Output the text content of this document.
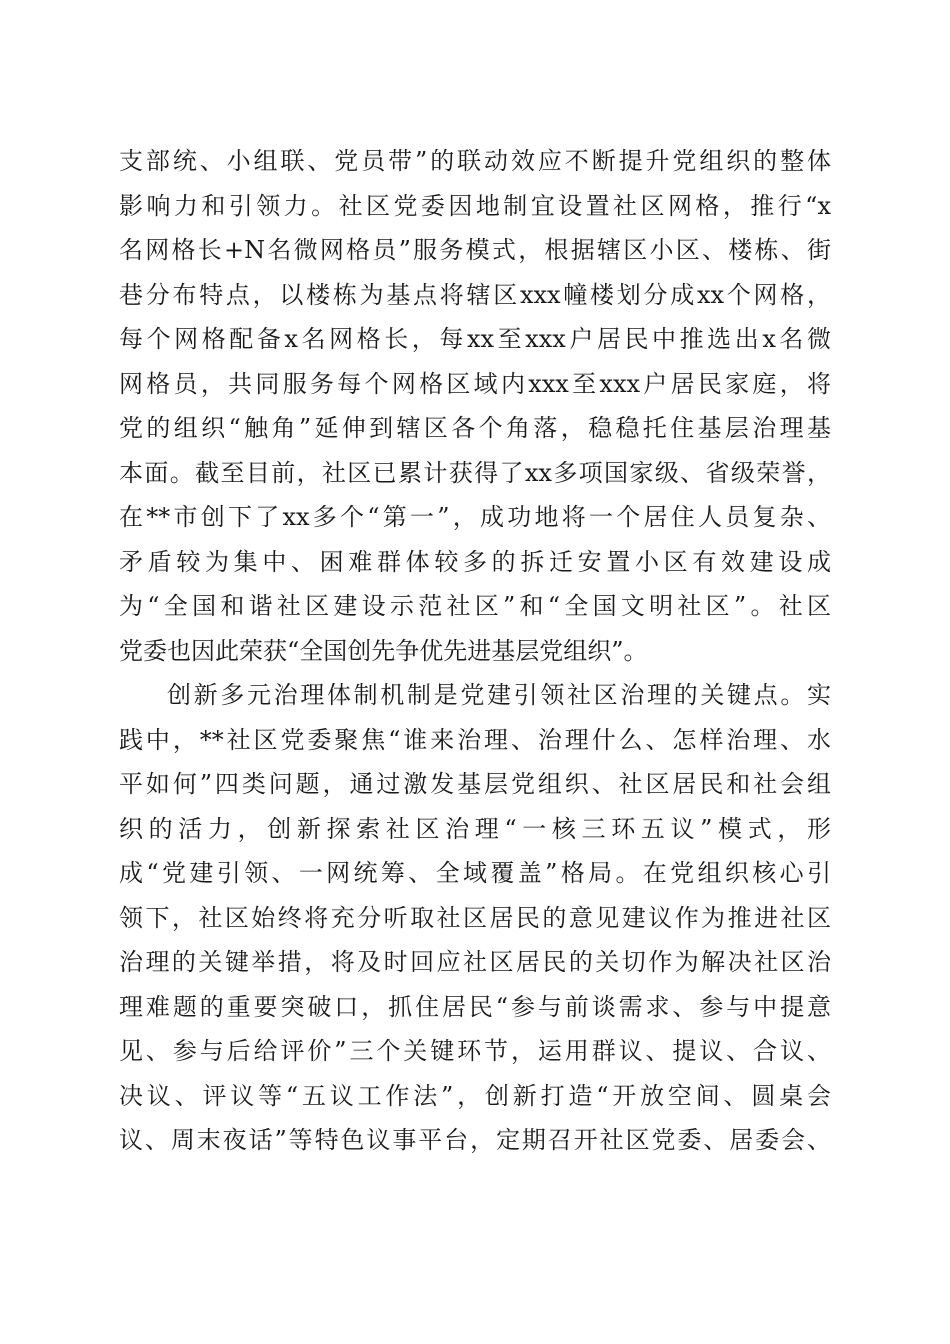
支部统、小组联、党员带”的联动效应不断提升党组织的整体
影响力和引领力。社区党委因地制宜设置社区网格，推行“x
名网格长+N名微网格员”服务模式，根据辖区小区、楼栋、街
巷分布特点，以楼栋为基点将辖区xxx幢楼划分成xx个网格，
每个网格配备x名网格长，每xx至xxx户居民中推选出x名微
网格员，共同服务每个网格区域内xxx至xxx户居民家庭，将
党的组织“触角”延伸到辖区各个角落，稳稳托住基层治理基
本面。截至目前，社区已累计获得了xx多项国家级、省级荣誉，
在**市创下了xx多个“第一”，成功地将一个居住人员复杂、
矛盾较为集中、困难群体较多的拆迁安置小区有效建设成
为“全国和谐社区建设示范社区”和“全国文明社区”。社区
党委也因此荣获“全国创先争优先进基层党组织”。
创新多元治理体制机制是党建引领社区治理的关键点。实
践中，**社区党委聚焦“谁来治理、治理什么、怎样治理、水
平如何”四类问题，通过激发基层党组织、社区居民和社会组
织的活力，创新探索社区治理“一核三环五议”模式，形
成“党建引领、一网统筹、全域覆盖”格局。在党组织核心引
领下，社区始终将充分听取社区居民的意见建议作为推进社区
治理的关键举措，将及时回应社区居民的关切作为解决社区治
理难题的重要突破口，抓住居民“参与前谈需求、参与中提意
见、参与后给评价”三个关键环节，运用群议、提议、合议、
决议、评议等“五议工作法”，创新打造“开放空间、圆桌会
议、周末夜话”等特色议事平台，定期召开社区党委、居委会、
